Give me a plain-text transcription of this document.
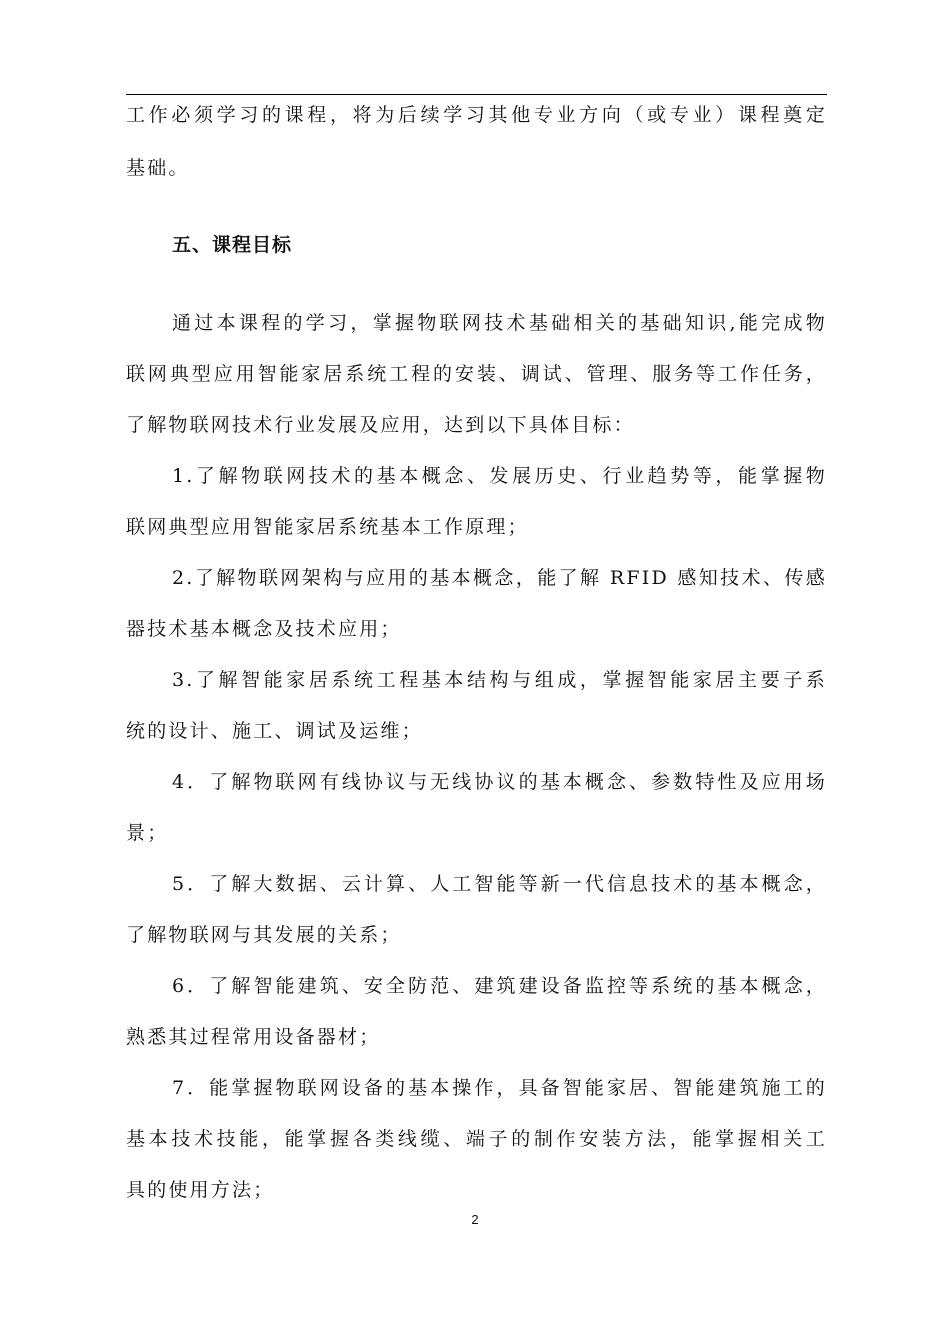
工作必须学习的课程，将为后续学习其他专业方向（或专业）课程奠定
基础。
五、课程目标
通过本课程的学习，掌握物联网技术基础相关的基础知识,能完成物
联网典型应用智能家居系统工程的安装、调试、管理、服务等工作任务，
了解物联网技术行业发展及应用，达到以下具体目标：
1.了解物联网技术的基本概念、发展历史、行业趋势等，能掌握物
联网典型应用智能家居系统基本工作原理；
2.了解物联网架构与应用的基本概念，能了解 RFID 感知技术、传感
器技术基本概念及技术应用；
3.了解智能家居系统工程基本结构与组成，掌握智能家居主要子系
统的设计、施工、调试及运维；
4．了解物联网有线协议与无线协议的基本概念、参数特性及应用场
景；
5．了解大数据、云计算、人工智能等新一代信息技术的基本概念，
了解物联网与其发展的关系；
6．了解智能建筑、安全防范、建筑建设备监控等系统的基本概念，
熟悉其过程常用设备器材；
7．能掌握物联网设备的基本操作，具备智能家居、智能建筑施工的
基本技术技能，能掌握各类线缆、端子的制作安装方法，能掌握相关工
具的使用方法；
2
